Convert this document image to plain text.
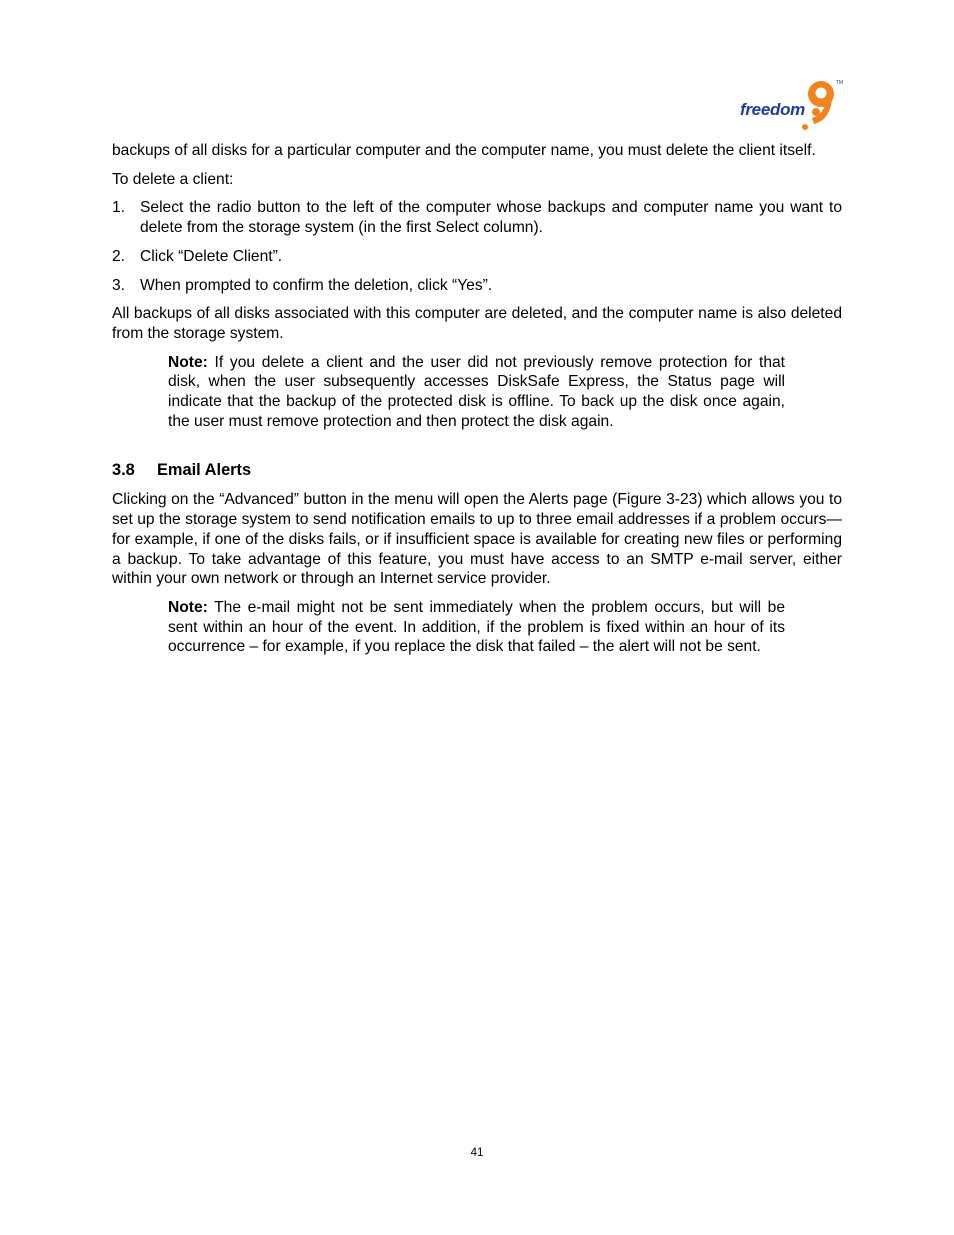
freedom
TM

backups of all disks for a particular computer and the computer name, you must delete the client itself.

To delete a client:

1. Select the radio button to the left of the computer whose backups and computer name you want to delete from the storage system (in the first Select column).
2. Click “Delete Client”.
3. When prompted to confirm the deletion, click “Yes”.

All backups of all disks associated with this computer are deleted, and the computer name is also deleted from the storage system.

Note: If you delete a client and the user did not previously remove protection for that disk, when the user subsequently accesses DiskSafe Express, the Status page will indicate that the backup of the protected disk is offline. To back up the disk once again, the user must remove protection and then protect the disk again.

3.8 Email Alerts

Clicking on the “Advanced” button in the menu will open the Alerts page (Figure 3-23) which allows you to set up the storage system to send notification emails to up to three email addresses if a problem occurs—for example, if one of the disks fails, or if insufficient space is available for creating new files or performing a backup. To take advantage of this feature, you must have access to an SMTP e-mail server, either within your own network or through an Internet service provider.

Note: The e-mail might not be sent immediately when the problem occurs, but will be sent within an hour of the event. In addition, if the problem is fixed within an hour of its occurrence – for example, if you replace the disk that failed – the alert will not be sent.

41
